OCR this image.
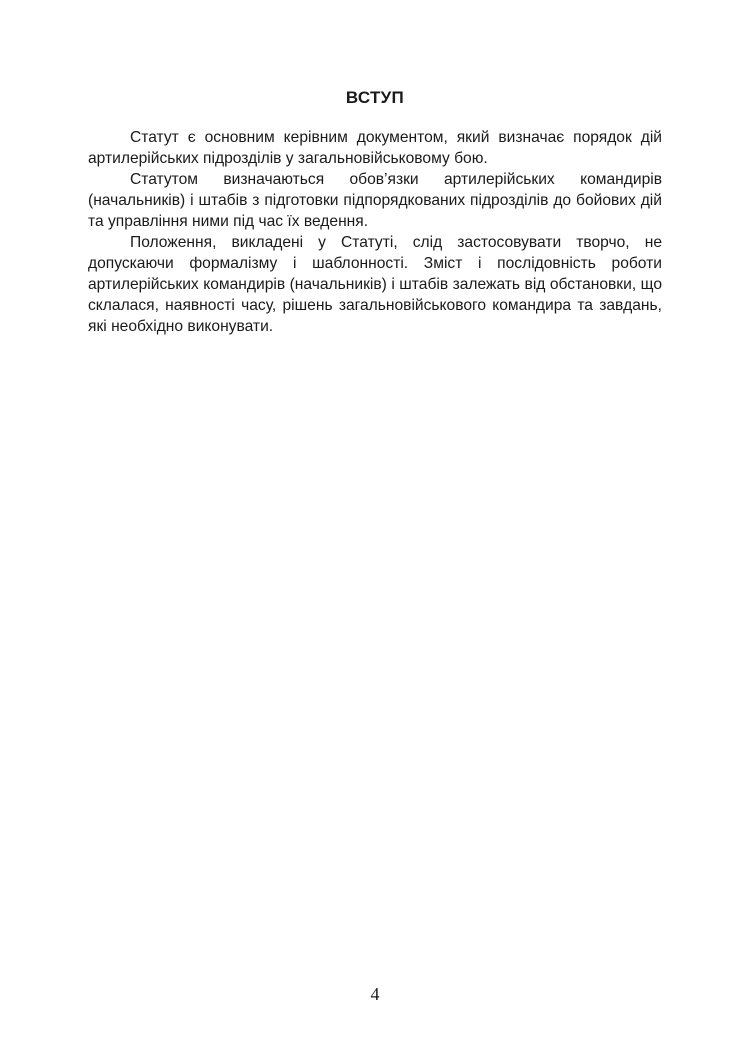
ВСТУП

Статут є основним керівним документом, який визначає порядок дій артилерійських підрозділів у загальновійськовому бою.

Статутом визначаються обов’язки артилерійських командирів (начальників) і штабів з підготовки підпорядкованих підрозділів до бойових дій та управління ними під час їх ведення.

Положення, викладені у Статуті, слід застосовувати творчо, не допускаючи формалізму і шаблонності. Зміст і послідовність роботи артилерійських командирів (начальників) і штабів залежать від обстановки, що склалася, наявності часу, рішень загальновійськового командира та завдань, які необхідно виконувати.

4
